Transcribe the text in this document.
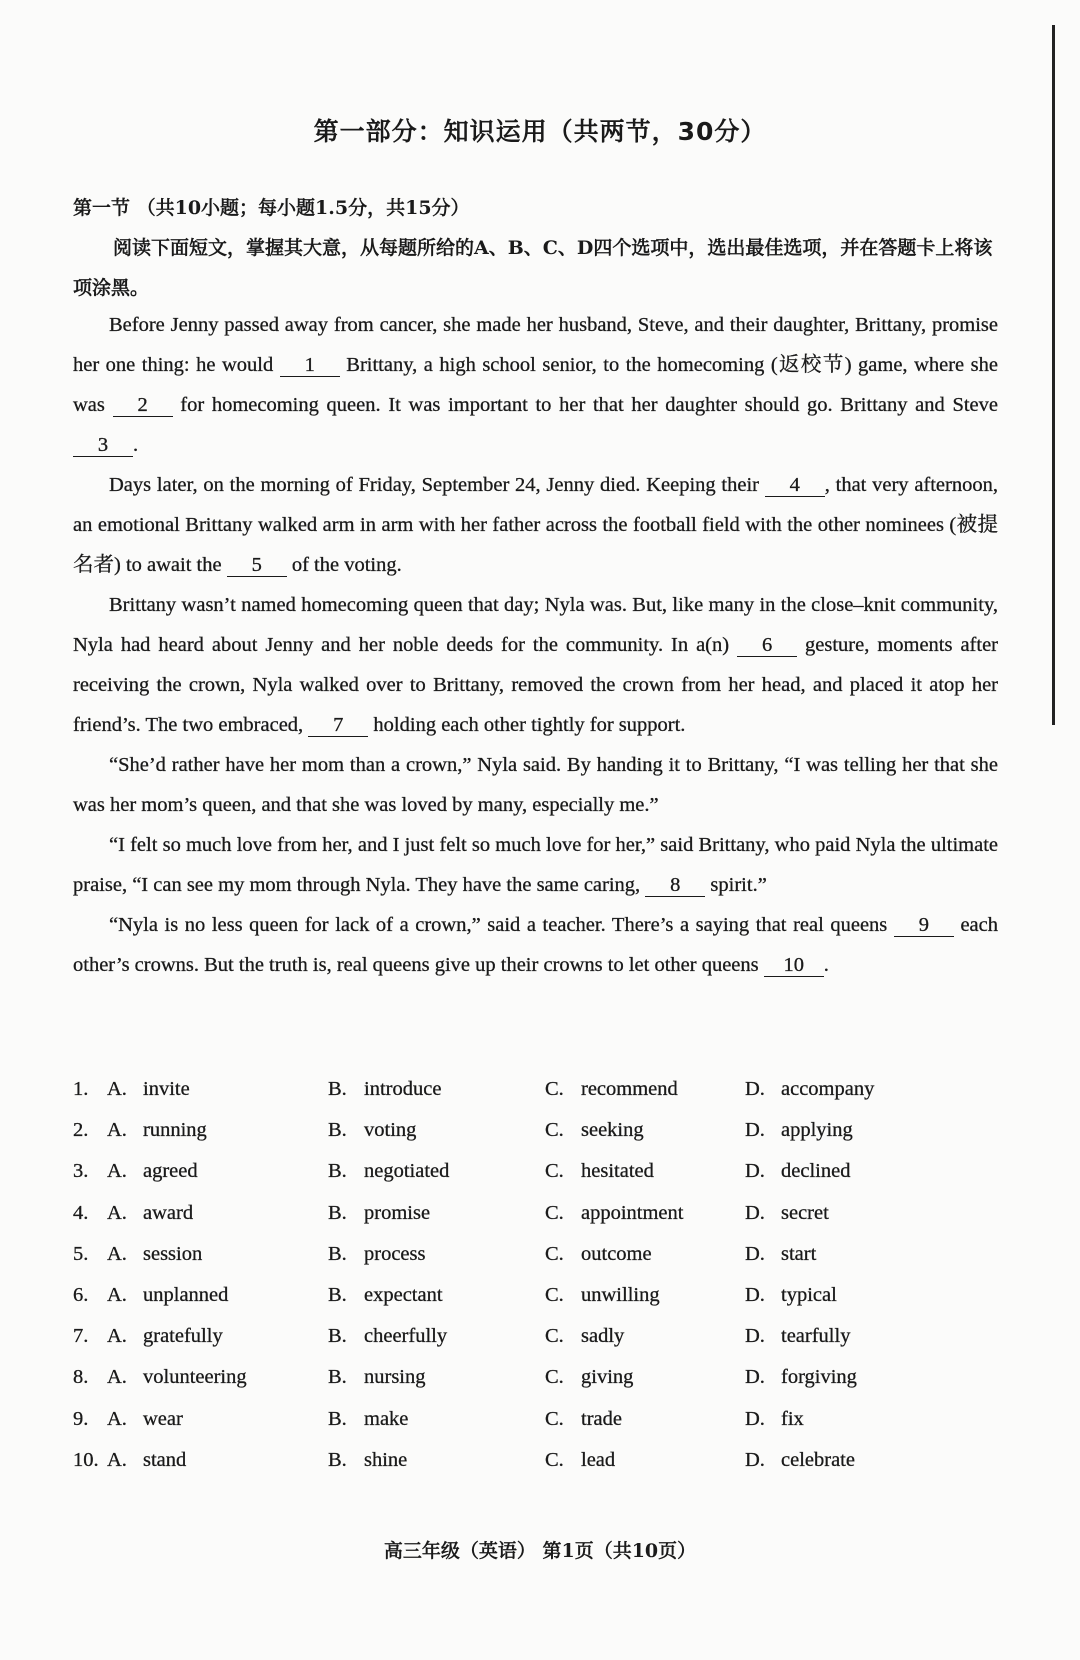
第一部分：知识运用（共两节，30分）
第一节 （共10小题；每小题1.5分，共15分）
阅读下面短文，掌握其大意，从每题所给的A、B、C、D四个选项中，选出最佳选项，并在答题卡上将该项涂黑。

Before Jenny passed away from cancer, she made her husband, Steve, and their daughter, Brittany, promise her one thing: he would 1 Brittany, a high school senior, to the homecoming (返校节) game, where she was 2 for homecoming queen. It was important to her that her daughter should go. Brittany and Steve 3 .

Days later, on the morning of Friday, September 24, Jenny died. Keeping their 4 , that very afternoon, an emotional Brittany walked arm in arm with her father across the football field with the other nominees (被提名者) to await the 5 of the voting.

Brittany wasn’t named homecoming queen that day; Nyla was. But, like many in the close–knit community, Nyla had heard about Jenny and her noble deeds for the community. In a(n) 6 gesture, moments after receiving the crown, Nyla walked over to Brittany, removed the crown from her head, and placed it atop her friend’s. The two embraced, 7 holding each other tightly for support.

“She’d rather have her mom than a crown,” Nyla said. By handing it to Brittany, “I was telling her that she was her mom’s queen, and that she was loved by many, especially me.”

“I felt so much love from her, and I just felt so much love for her,” said Brittany, who paid Nyla the ultimate praise, “I can see my mom through Nyla. They have the same caring, 8 spirit.”

“Nyla is no less queen for lack of a crown,” said a teacher. There’s a saying that real queens 9 each other’s crowns. But the truth is, real queens give up their crowns to let other queens 10 .

1. A. invite	B. introduce	C. recommend	D. accompany
2. A. running	B. voting	C. seeking	D. applying
3. A. agreed	B. negotiated	C. hesitated	D. declined
4. A. award	B. promise	C. appointment	D. secret
5. A. session	B. process	C. outcome	D. start
6. A. unplanned	B. expectant	C. unwilling	D. typical
7. A. gratefully	B. cheerfully	C. sadly	D. tearfully
8. A. volunteering	B. nursing	C. giving	D. forgiving
9. A. wear	B. make	C. trade	D. fix
10. A. stand	B. shine	C. lead	D. celebrate
高三年级（英语） 第1页（共10页）
